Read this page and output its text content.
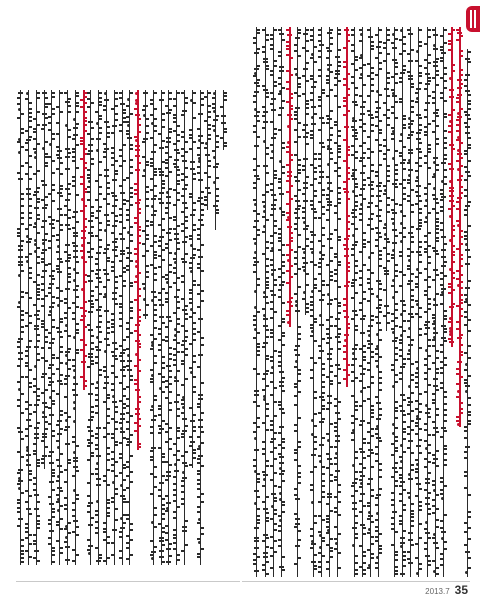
2013.7 35
